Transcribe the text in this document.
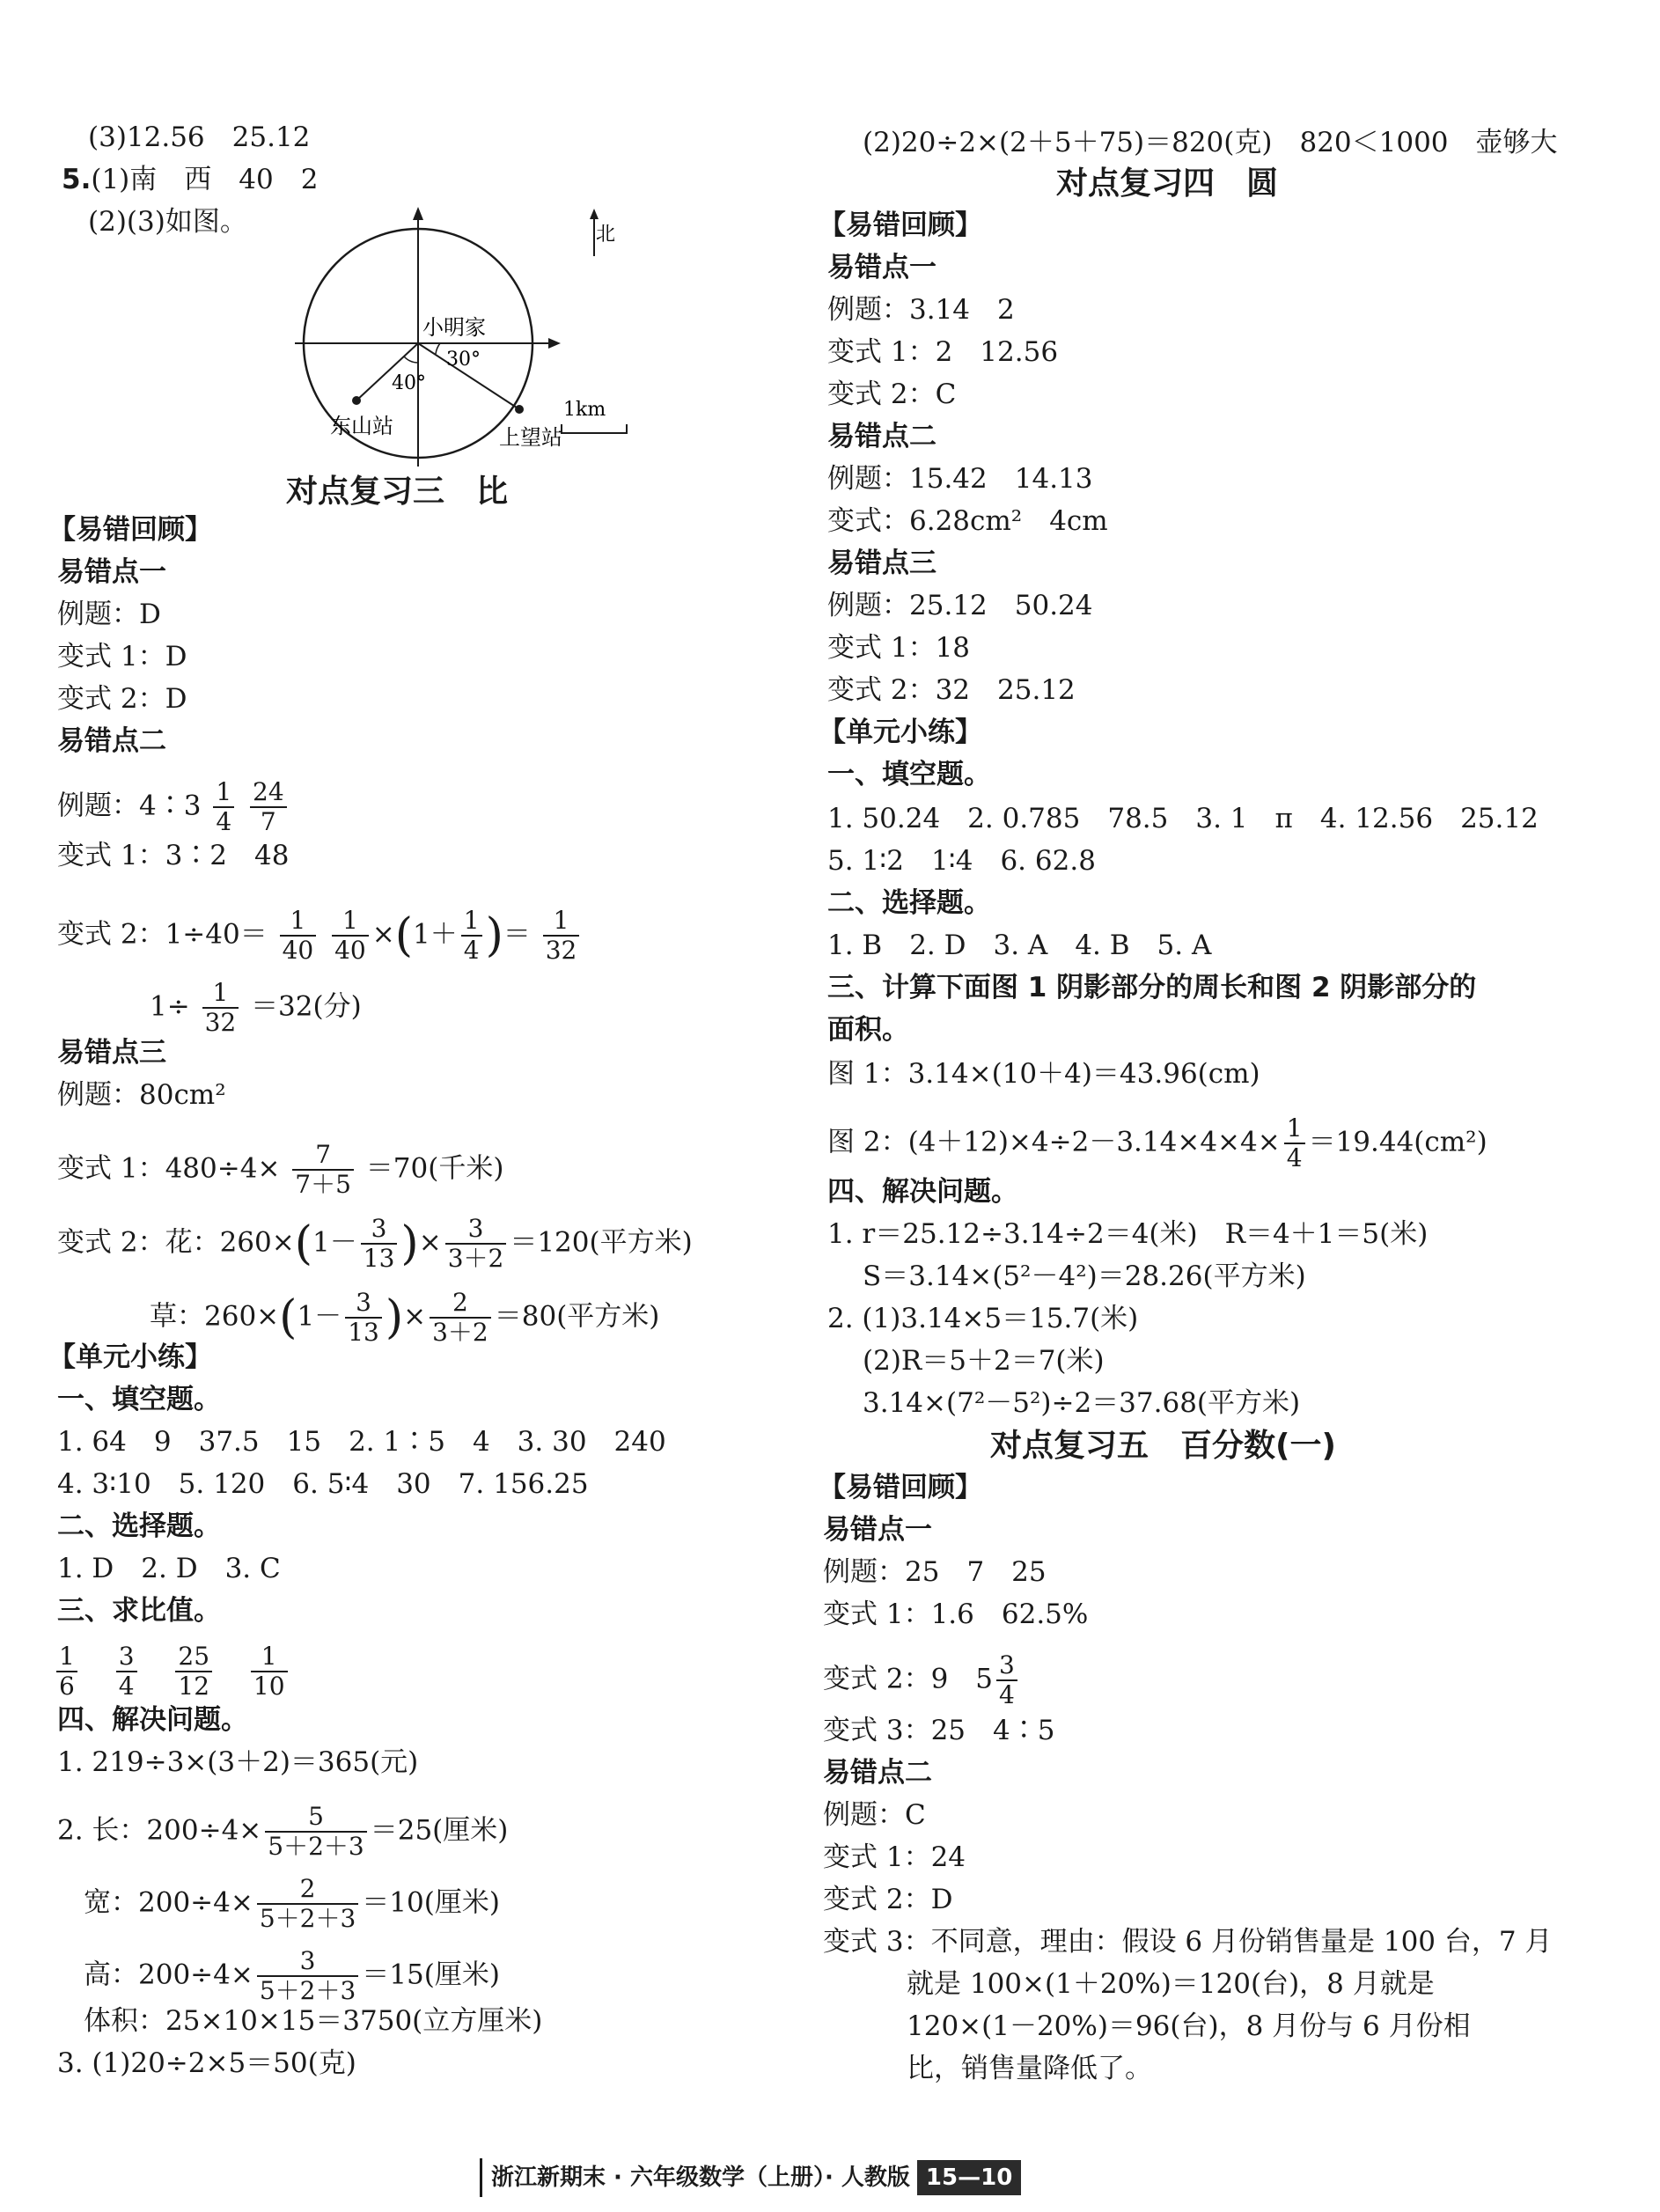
(3)12.56　25.12
5.(1)南　西　40　2
(2)(3)如图。
小明家
30°
40°
东山站	上望站
北
1km
对点复习三　比
【易错回顾】
易错点一
例题：D
变式 1：D
变式 2：D
易错点二
例题：4∶3 $\frac{1}{4}$
$\frac{24}{7}$
变式 1：3∶2　48
变式 2：$1\div 40= \frac{1}{40}$
$\frac{1}{40} \times(1+ \frac{1}{4}$ )＝ $\frac{1}{32}$
$1\div \frac{1}{32} =32$(分)
易错点三
例题：80cm²
变式 1：$480\div 4\times \frac{7}{7+5} =70$(千米)
变式 2：花：$260\times(1- \frac{3}{13}$ )× $\frac{3}{3+2} =120$(平方米)
草：$260\times(1- \frac{3}{13}$ )× $\frac{2}{3+2} =80$(平方米)
【单元小练】
一、填空题。
1. 64　9　37.5　15　2. 1∶5　4　3. 30　240
4. 3∶10　5. 120　6. 5∶4　30　7. 156.25
二、选择题。
1. D　2. D　3. C
三、求比值。
$\frac{1}{6}$
$\frac{3}{4}$
$\frac{25}{12}$
$\frac{1}{10}$
四、解决问题。
1. 219÷3×(3＋2)＝365(元)
2. 长：$200\div 4\times \frac{5}{5+2+3} =25$(厘米)
宽：$200\div 4\times \frac{2}{5+2+3} =10$(厘米)
高：$200\div 4\times \frac{3}{5+2+3} =15$(厘米)
体积：25×10×15＝3750(立方厘米)
3. (1)20÷2×5＝50(克)
(2)20÷2×(2＋5＋75)＝820(克)　820＜1000　壶够大
对点复习四　圆
【易错回顾】
易错点一
例题：3.14　2
变式 1：2　12.56
变式 2：C
易错点二
例题：15.42　14.13
变式：6.28cm²　4cm
易错点三
例题：25.12　50.24
变式 1：18
变式 2：32　25.12
【单元小练】
一、填空题。
1. 50.24　2. 0.785　78.5　3. 1　π　4. 12.56　25.12
5. 1∶2　1∶4　6. 62.8
二、选择题。
1. B　2. D　3. A　4. B　5. A
三、计算下面图 1 阴影部分的周长和图 2 阴影部分的
面积。
图 1：3.14×(10＋4)＝43.96(cm)
图 2：$(4+12)\times 4\div 2-3.14\times 4\times 4\times \frac{1}{4} =19.44(cm^2)$
四、解决问题。
1. r＝25.12÷3.14÷2＝4(米)　R＝4＋1＝5(米)
S＝3.14×(5²－4²)＝28.26(平方米)
2. (1)3.14×5＝15.7(米)
(2)R＝5＋2＝7(米)
3.14×(7²－5²)÷2＝37.68(平方米)
对点复习五　百分数(一)
【易错回顾】
易错点一
例题：25　7　25
变式 1：1.6　62.5%
变式 2：9　$5 \frac{3}{4}$
变式 3：25　4∶5
易错点二
例题：C
变式 1：24
变式 2：D
变式 3：不同意，理由：假设 6 月份销售量是 100 台，7 月
就是 100×(1＋20%)＝120(台)，8 月就是
120×(1－20%)＝96(台)，8 月份与 6 月份相
比，销售量降低了。
浙江新期末 · 六年级数学（上册）· 人教版 15—10
